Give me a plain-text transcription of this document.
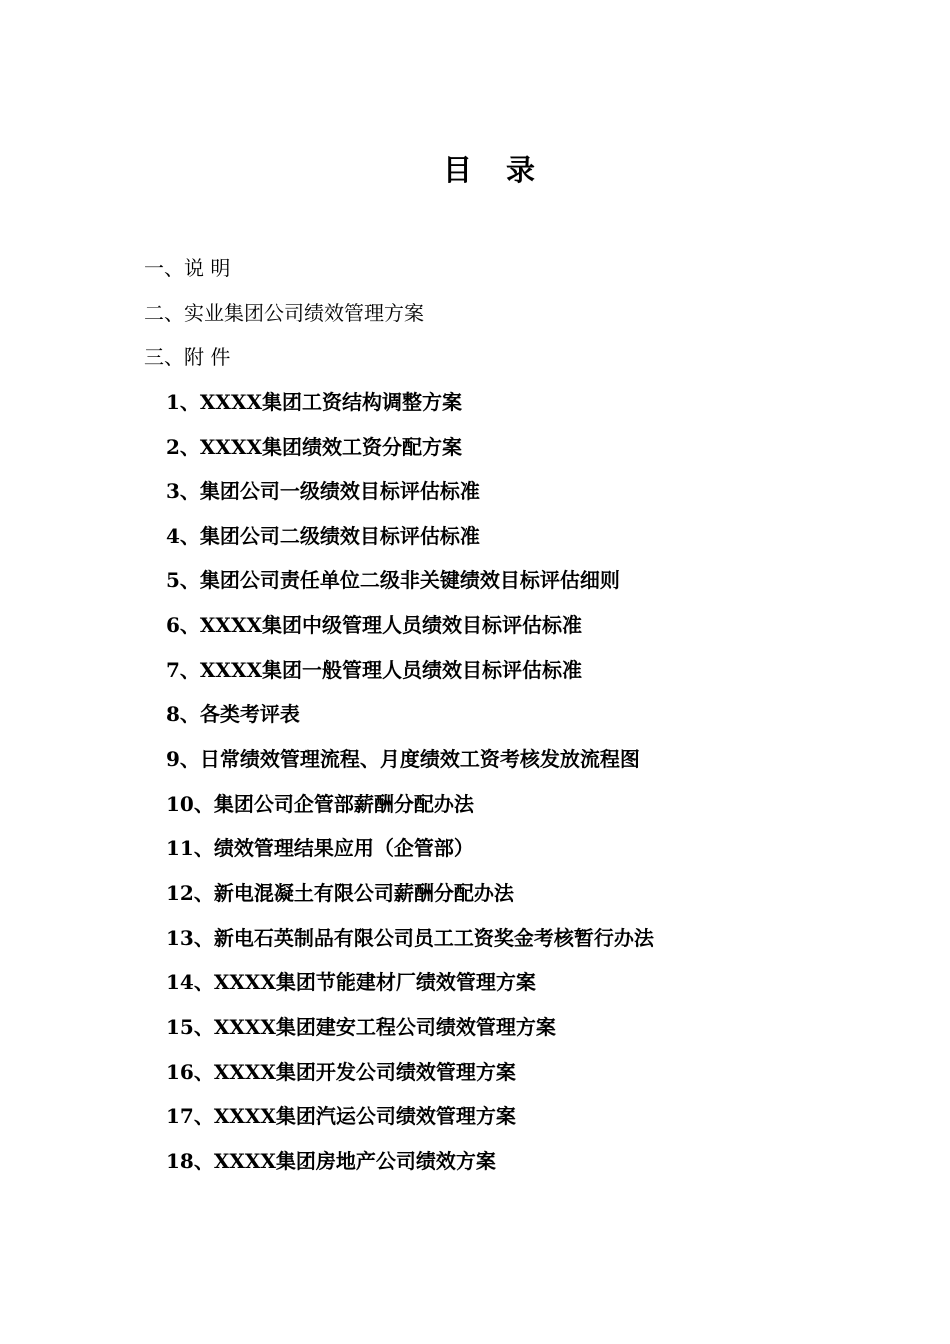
目录
一、说 明
二、实业集团公司绩效管理方案
三、附 件
1、XXXX集团工资结构调整方案
2、XXXX集团绩效工资分配方案
3、集团公司一级绩效目标评估标准
4、集团公司二级绩效目标评估标准
5、集团公司责任单位二级非关键绩效目标评估细则
6、XXXX集团中级管理人员绩效目标评估标准
7、XXXX集团一般管理人员绩效目标评估标准
8、各类考评表
9、日常绩效管理流程、月度绩效工资考核发放流程图
10、集团公司企管部薪酬分配办法
11、绩效管理结果应用（企管部）
12、新电混凝土有限公司薪酬分配办法
13、新电石英制品有限公司员工工资奖金考核暂行办法
14、XXXX集团节能建材厂绩效管理方案
15、XXXX集团建安工程公司绩效管理方案
16、XXXX集团开发公司绩效管理方案
17、XXXX集团汽运公司绩效管理方案
18、XXXX集团房地产公司绩效方案
